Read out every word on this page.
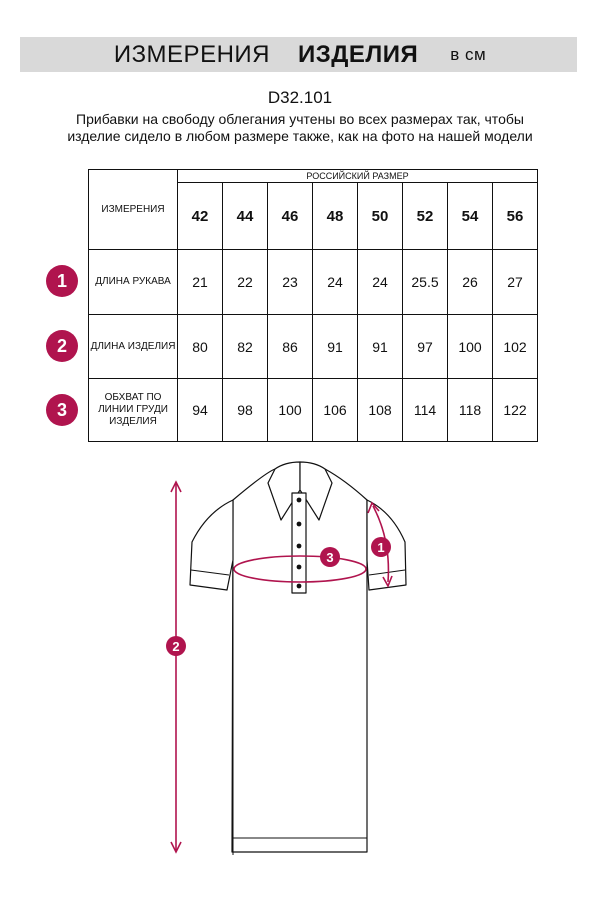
ИЗМЕРЕНИЯ ИЗДЕЛИЯ в см
D32.101
Прибавки на свободу облегания учтены во всех размерах так, чтобы изделие сидело в любом размере также, как на фото на нашей модели
ИЗМЕРЕНИЯ	РОССИЙСКИЙ РАЗМЕР							
	42	44	46	48	50	52	54	56
ДЛИНА РУКАВА	21	22	23	24	24	25.5	26	27
ДЛИНА ИЗДЕЛИЯ	80	82	86	91	91	97	100	102
ОБХВАТ ПО ЛИНИИ ГРУДИ ИЗДЕЛИЯ	94	98	100	106	108	114	118	122
1
2
3
2
3
1
